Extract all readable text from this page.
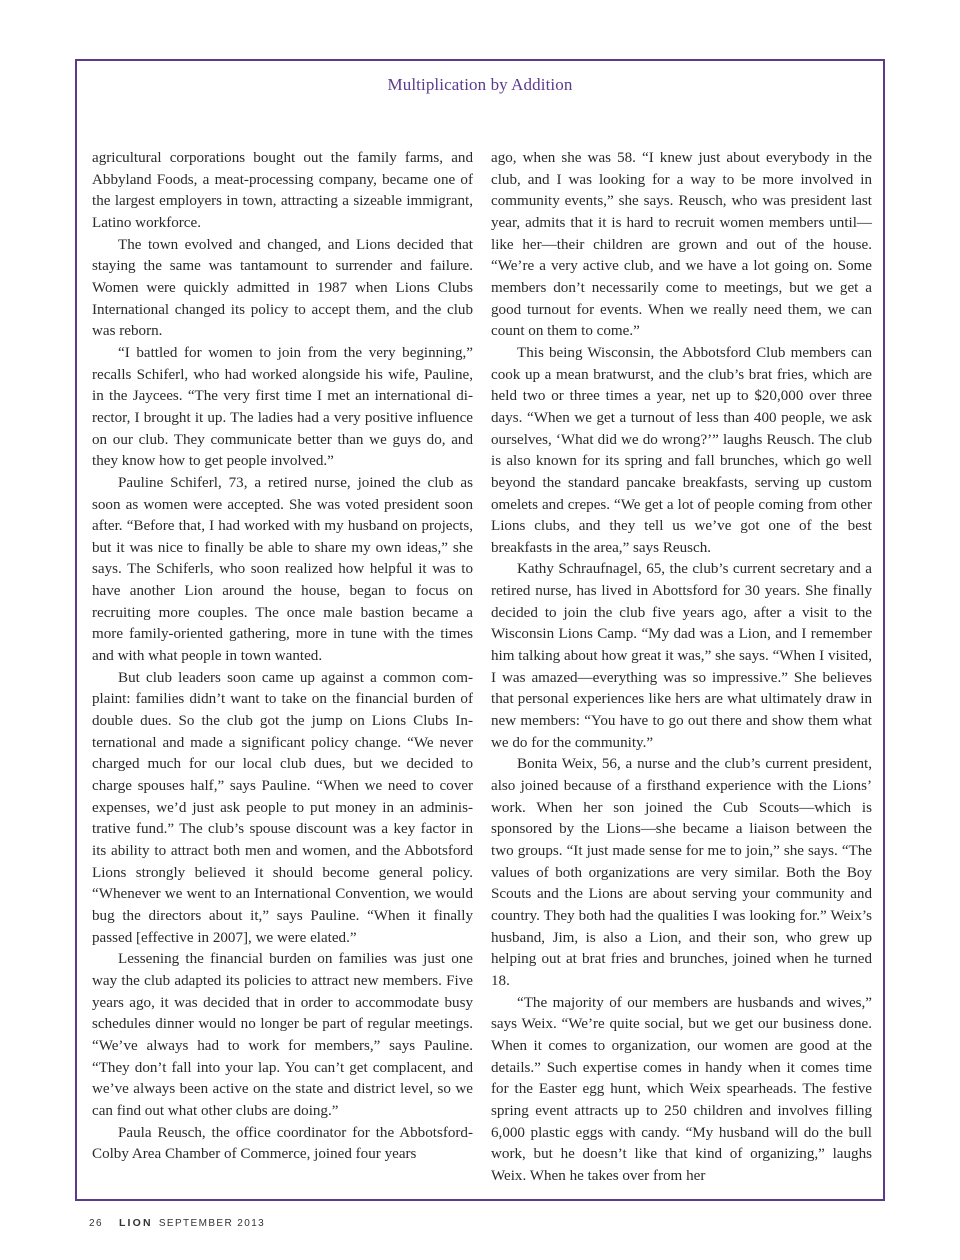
Multiplication by Addition

agricultural corporations bought out the family farms, and Abbyland Foods, a meat-processing company, became one of the largest employers in town, attracting a sizeable immigrant, Latino workforce.

The town evolved and changed, and Lions decided that staying the same was tantamount to surrender and failure. Women were quickly admitted in 1987 when Lions Clubs International changed its policy to accept them, and the club was reborn.

“I battled for women to join from the very beginning,” recalls Schiferl, who had worked alongside his wife, Pauline, in the Jaycees. “The very first time I met an international director, I brought it up. The ladies had a very positive influence on our club. They communicate better than we guys do, and they know how to get people involved.”

Pauline Schiferl, 73, a retired nurse, joined the club as soon as women were accepted. She was voted president soon after. “Before that, I had worked with my husband on projects, but it was nice to finally be able to share my own ideas,” she says. The Schiferls, who soon realized how helpful it was to have another Lion around the house, began to focus on recruiting more couples. The once male bastion became a more family-oriented gathering, more in tune with the times and with what people in town wanted.

But club leaders soon came up against a common complaint: families didn’t want to take on the financial burden of double dues. So the club got the jump on Lions Clubs International and made a significant policy change. “We never charged much for our local club dues, but we decided to charge spouses half,” says Pauline. “When we need to cover expenses, we’d just ask people to put money in an administrative fund.” The club’s spouse discount was a key factor in its ability to attract both men and women, and the Abbotsford Lions strongly believed it should become general policy. “Whenever we went to an International Convention, we would bug the directors about it,” says Pauline. “When it finally passed [effective in 2007], we were elated.”

Lessening the financial burden on families was just one way the club adapted its policies to attract new members. Five years ago, it was decided that in order to accommodate busy schedules dinner would no longer be part of regular meetings. “We’ve always had to work for members,” says Pauline. “They don’t fall into your lap. You can’t get complacent, and we’ve always been active on the state and district level, so we can find out what other clubs are doing.”

Paula Reusch, the office coordinator for the Abbotsford-Colby Area Chamber of Commerce, joined four years

ago, when she was 58. “I knew just about everybody in the club, and I was looking for a way to be more involved in community events,” she says. Reusch, who was president last year, admits that it is hard to recruit women members until—like her—their children are grown and out of the house. “We’re a very active club, and we have a lot going on. Some members don’t necessarily come to meetings, but we get a good turnout for events. When we really need them, we can count on them to come.”

This being Wisconsin, the Abbotsford Club members can cook up a mean bratwurst, and the club’s brat fries, which are held two or three times a year, net up to $20,000 over three days. “When we get a turnout of less than 400 people, we ask ourselves, ‘What did we do wrong?’” laughs Reusch. The club is also known for its spring and fall brunches, which go well beyond the standard pancake breakfasts, serving up custom omelets and crepes. “We get a lot of people coming from other Lions clubs, and they tell us we’ve got one of the best breakfasts in the area,” says Reusch.

Kathy Schraufnagel, 65, the club’s current secretary and a retired nurse, has lived in Abottsford for 30 years. She finally decided to join the club five years ago, after a visit to the Wisconsin Lions Camp. “My dad was a Lion, and I remember him talking about how great it was,” she says. “When I visited, I was amazed—everything was so impressive.” She believes that personal experiences like hers are what ultimately draw in new members: “You have to go out there and show them what we do for the community.”

Bonita Weix, 56, a nurse and the club’s current president, also joined because of a firsthand experience with the Lions’ work. When her son joined the Cub Scouts—which is sponsored by the Lions—she became a liaison between the two groups. “It just made sense for me to join,” she says. “The values of both organizations are very similar. Both the Boy Scouts and the Lions are about serving your community and country. They both had the qualities I was looking for.” Weix’s husband, Jim, is also a Lion, and their son, who grew up helping out at brat fries and brunches, joined when he turned 18.

“The majority of our members are husbands and wives,” says Weix. “We’re quite social, but we get our business done. When it comes to organization, our women are good at the details.” Such expertise comes in handy when it comes time for the Easter egg hunt, which Weix spearheads. The festive spring event attracts up to 250 children and involves filling 6,000 plastic eggs with candy. “My husband will do the bull work, but he doesn’t like that kind of organizing,” laughs Weix. When he takes over from her

26 LION SEPTEMBER 2013
